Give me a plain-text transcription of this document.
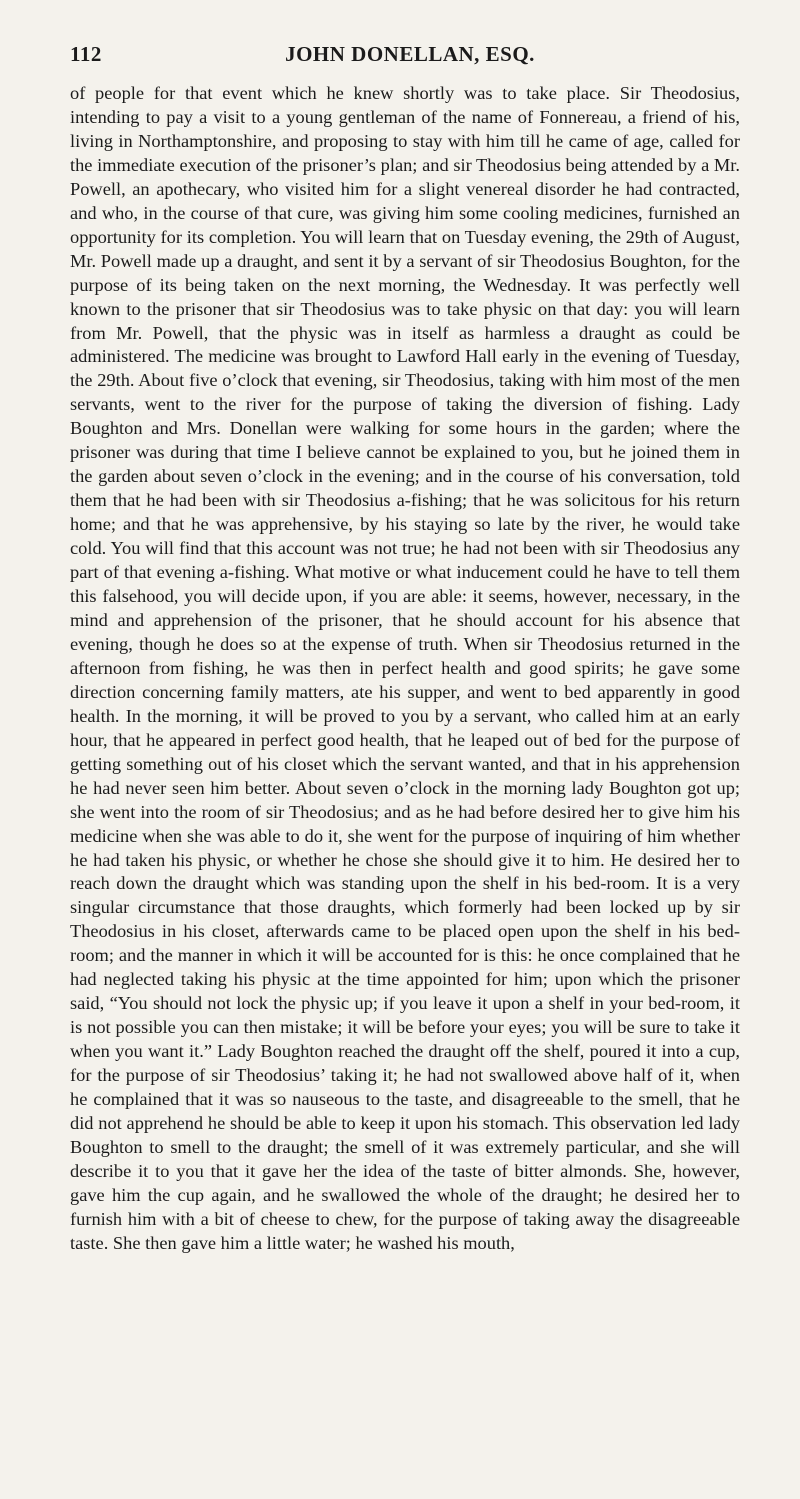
112	JOHN DONELLAN, ESQ.

of people for that event which he knew shortly was to take place. Sir Theodosius, intending to pay a visit to a young gentleman of the name of Fonnereau, a friend of his, living in Northamptonshire, and proposing to stay with him till he came of age, called for the immediate execution of the prisoner’s plan; and sir Theodosius being attended by a Mr. Powell, an apothecary, who visited him for a slight venereal disorder he had contracted, and who, in the course of that cure, was giving him some cooling medicines, furnished an opportunity for its completion. You will learn that on Tuesday evening, the 29th of August, Mr. Powell made up a draught, and sent it by a servant of sir Theodosius Boughton, for the purpose of its being taken on the next morning, the Wednesday. It was perfectly well known to the prisoner that sir Theodosius was to take physic on that day: you will learn from Mr. Powell, that the physic was in itself as harmless a draught as could be administered. The medicine was brought to Lawford Hall early in the evening of Tuesday, the 29th. About five o’clock that evening, sir Theodosius, taking with him most of the men servants, went to the river for the purpose of taking the diversion of fishing. Lady Boughton and Mrs. Donellan were walking for some hours in the garden; where the prisoner was during that time I believe cannot be explained to you, but he joined them in the garden about seven o’clock in the evening; and in the course of his conversation, told them that he had been with sir Theodosius a-fishing; that he was solicitous for his return home; and that he was apprehensive, by his staying so late by the river, he would take cold. You will find that this account was not true; he had not been with sir Theodosius any part of that evening a-fishing. What motive or what inducement could he have to tell them this falsehood, you will decide upon, if you are able: it seems, however, necessary, in the mind and apprehension of the prisoner, that he should account for his absence that evening, though he does so at the expense of truth. When sir Theodosius returned in the afternoon from fishing, he was then in perfect health and good spirits; he gave some direction concerning family matters, ate his supper, and went to bed apparently in good health. In the morning, it will be proved to you by a servant, who called him at an early hour, that he appeared in perfect good health, that he leaped out of bed for the purpose of getting something out of his closet which the servant wanted, and that in his apprehension he had never seen him better. About seven o’clock in the morning lady Boughton got up; she went into the room of sir Theodosius; and as he had before desired her to give him his medicine when she was able to do it, she went for the purpose of inquiring of him whether he had taken his physic, or whether he chose she should give it to him. He desired her to reach down the draught which was standing upon the shelf in his bed-room. It is a very singular circumstance that those draughts, which formerly had been locked up by sir Theodosius in his closet, afterwards came to be placed open upon the shelf in his bed-room; and the manner in which it will be accounted for is this: he once complained that he had neglected taking his physic at the time appointed for him; upon which the prisoner said, “You should not lock the physic up; if you leave it upon a shelf in your bed-room, it is not possible you can then mistake; it will be before your eyes; you will be sure to take it when you want it.” Lady Boughton reached the draught off the shelf, poured it into a cup, for the purpose of sir Theodosius’ taking it; he had not swallowed above half of it, when he complained that it was so nauseous to the taste, and disagreeable to the smell, that he did not apprehend he should be able to keep it upon his stomach. This observation led lady Boughton to smell to the draught; the smell of it was extremely particular, and she will describe it to you that it gave her the idea of the taste of bitter almonds. She, however, gave him the cup again, and he swallowed the whole of the draught; he desired her to furnish him with a bit of cheese to chew, for the purpose of taking away the disagreeable taste. She then gave him a little water; he washed his mouth,
